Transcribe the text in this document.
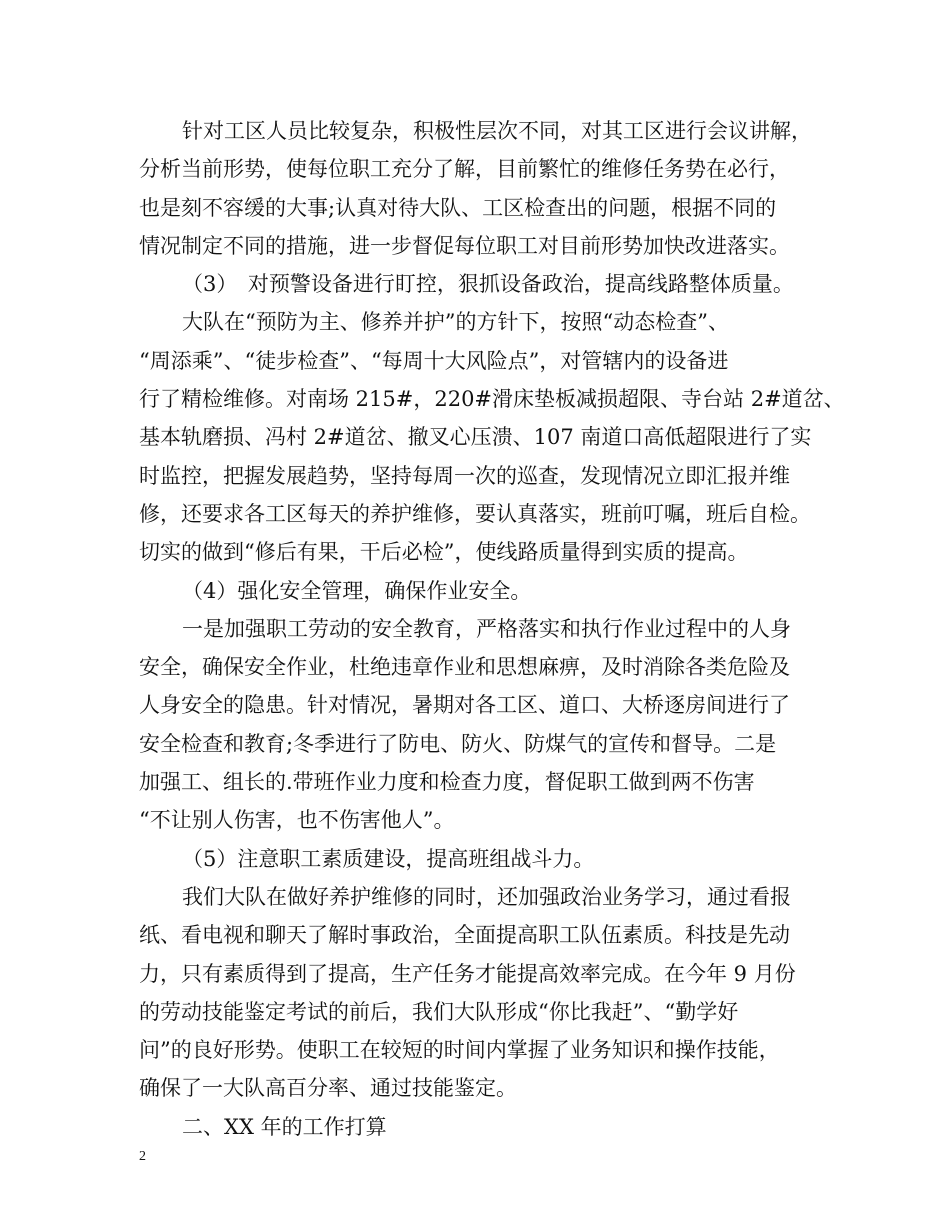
针对工区人员比较复杂，积极性层次不同，对其工区进行会议讲解，
分析当前形势，使每位职工充分了解，目前繁忙的维修任务势在必行，
也是刻不容缓的大事;认真对待大队、工区检查出的问题，根据不同的
情况制定不同的措施，进一步督促每位职工对目前形势加快改进落实。
（3）　对预警设备进行盯控，狠抓设备政治，提高线路整体质量。
大队在“预防为主、修养并护”的方针下，按照“动态检查”、
“周添乘”、“徒步检查”、“每周十大风险点”，对管辖内的设备进
行了精检维修。对南场 215#，220#滑床垫板减损超限、寺台站 2#道岔、
基本轨磨损、冯村 2#道岔、撤叉心压溃、107 南道口高低超限进行了实
时监控，把握发展趋势，坚持每周一次的巡查，发现情况立即汇报并维
修，还要求各工区每天的养护维修，要认真落实，班前叮嘱，班后自检。
切实的做到“修后有果，干后必检”，使线路质量得到实质的提高。
（4）强化安全管理，确保作业安全。
一是加强职工劳动的安全教育，严格落实和执行作业过程中的人身
安全，确保安全作业，杜绝违章作业和思想麻痹，及时消除各类危险及
人身安全的隐患。针对情况，暑期对各工区、道口、大桥逐房间进行了
安全检查和教育;冬季进行了防电、防火、防煤气的宣传和督导。二是
加强工、组长的.带班作业力度和检查力度，督促职工做到两不伤害
“不让别人伤害，也不伤害他人”。
（5）注意职工素质建设，提高班组战斗力。
我们大队在做好养护维修的同时，还加强政治业务学习，通过看报
纸、看电视和聊天了解时事政治，全面提高职工队伍素质。科技是先动
力，只有素质得到了提高，生产任务才能提高效率完成。在今年 9 月份
的劳动技能鉴定考试的前后，我们大队形成“你比我赶”、“勤学好
问”的良好形势。使职工在较短的时间内掌握了业务知识和操作技能，
确保了一大队高百分率、通过技能鉴定。
二、XX 年的工作打算
2
